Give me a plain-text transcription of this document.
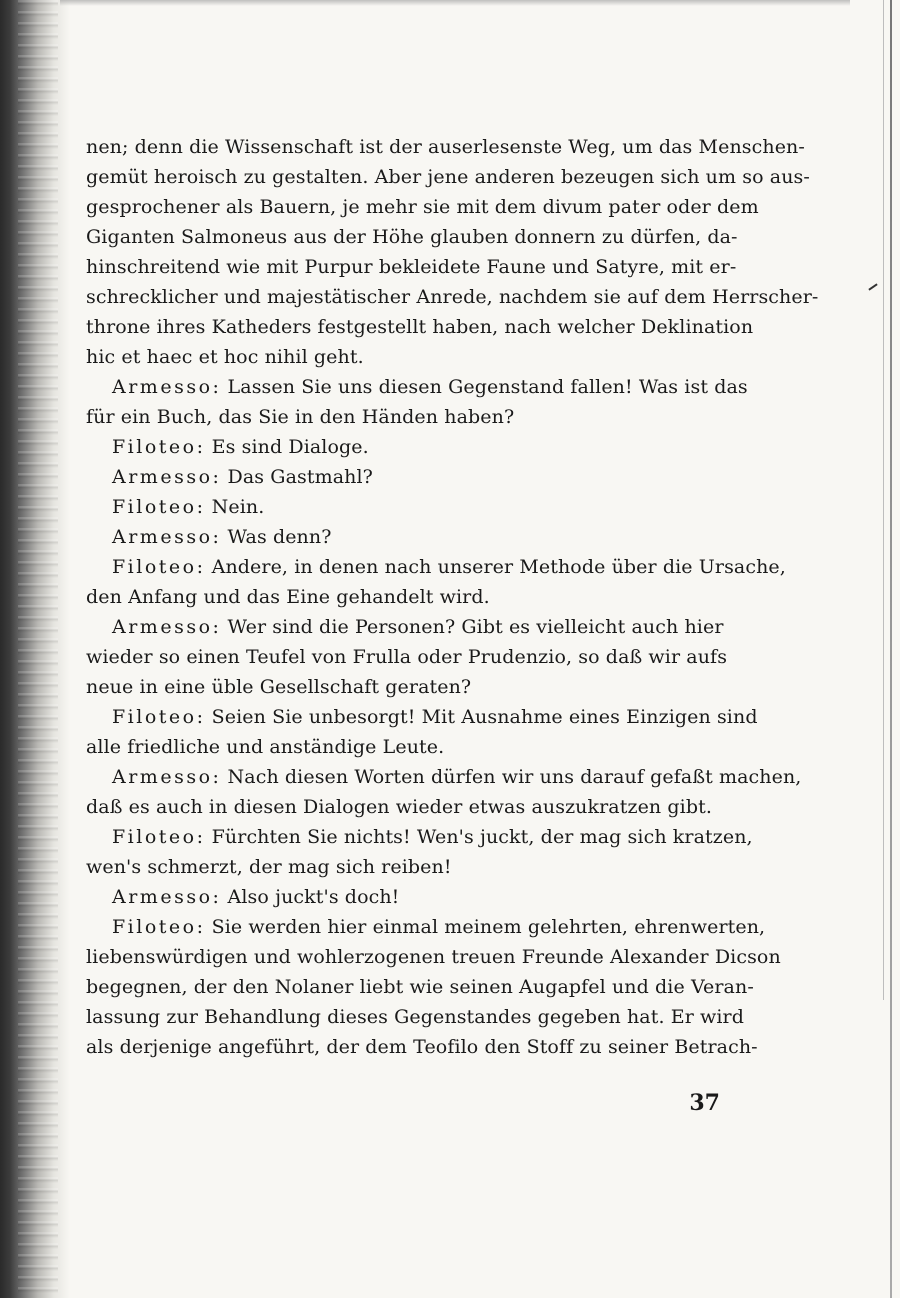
nen; denn die Wissenschaft ist der auserlesenste Weg, um das Menschen-
gemüt heroisch zu gestalten. Aber jene anderen bezeugen sich um so aus-
gesprochener als Bauern, je mehr sie mit dem divum pater oder dem
Giganten Salmoneus aus der Höhe glauben donnern zu dürfen, da-
hinschreitend wie mit Purpur bekleidete Faune und Satyre, mit er-
schrecklicher und majestätischer Anrede, nachdem sie auf dem Herrscher-
throne ihres Katheders festgestellt haben, nach welcher Deklination
hic et haec et hoc nihil geht.
Armesso: Lassen Sie uns diesen Gegenstand fallen! Was ist das
für ein Buch, das Sie in den Händen haben?
Filoteo: Es sind Dialoge.
Armesso: Das Gastmahl?
Filoteo: Nein.
Armesso: Was denn?
Filoteo: Andere, in denen nach unserer Methode über die Ursache,
den Anfang und das Eine gehandelt wird.
Armesso: Wer sind die Personen? Gibt es vielleicht auch hier
wieder so einen Teufel von Frulla oder Prudenzio, so daß wir aufs
neue in eine üble Gesellschaft geraten?
Filoteo: Seien Sie unbesorgt! Mit Ausnahme eines Einzigen sind
alle friedliche und anständige Leute.
Armesso: Nach diesen Worten dürfen wir uns darauf gefaßt machen,
daß es auch in diesen Dialogen wieder etwas auszukratzen gibt.
Filoteo: Fürchten Sie nichts! Wen's juckt, der mag sich kratzen,
wen's schmerzt, der mag sich reiben!
Armesso: Also juckt's doch!
Filoteo: Sie werden hier einmal meinem gelehrten, ehrenwerten,
liebenswürdigen und wohlerzogenen treuen Freunde Alexander Dicson
begegnen, der den Nolaner liebt wie seinen Augapfel und die Veran-
lassung zur Behandlung dieses Gegenstandes gegeben hat. Er wird
als derjenige angeführt, der dem Teofilo den Stoff zu seiner Betrach-
37
